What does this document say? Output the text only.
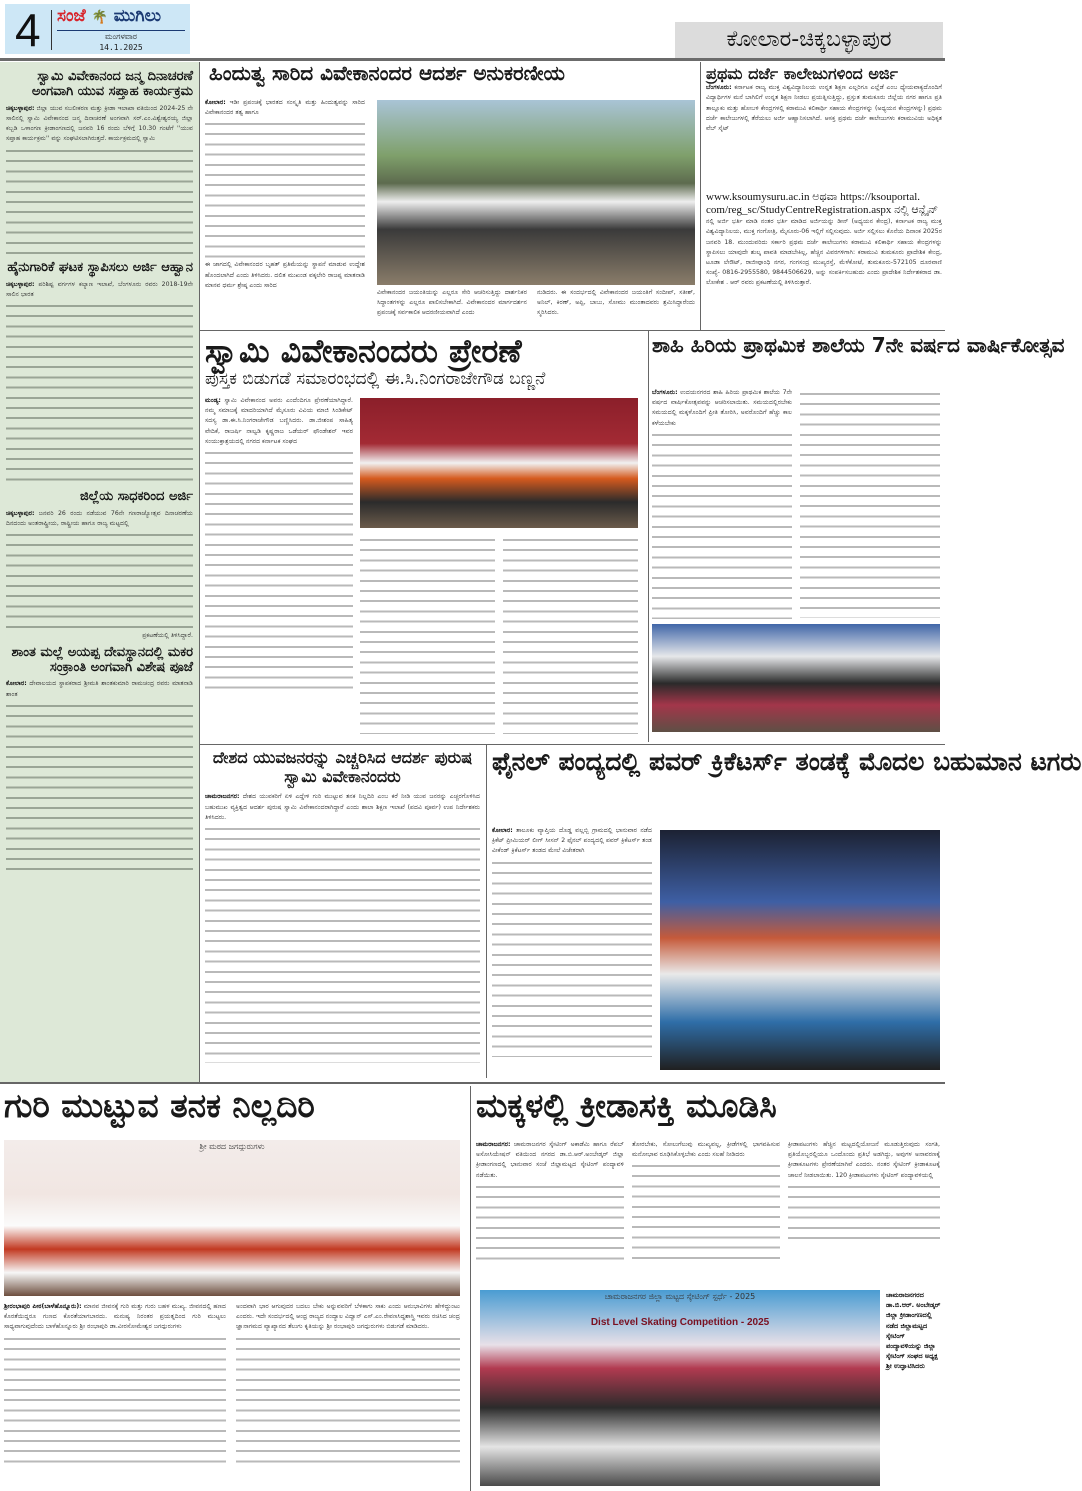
4 ಸಂಜೆ 🌴 ಮುಗಿಲು
ಮಂಗಳವಾರ
14.1.2025	ಕೋಲಾರ-ಚಿಕ್ಕಬಳ್ಳಾಪುರ
ಸ್ವಾಮಿ ವಿವೇಕಾನಂದ ಜನ್ಮ ದಿನಾಚರಣೆ ಅಂಗವಾಗಿ ಯುವ ಸಪ್ತಾಹ ಕಾರ್ಯಕ್ರಮ
ಚಿಕ್ಕಬಳ್ಳಾಪುರ: ಜಿಲ್ಲಾ ಯುವ ಸಬಲೀಕರಣ ಮತ್ತು ಕ್ರೀಡಾ ಇಲಾಖಾ ವತಿಯಿಂದ 2024-25 ನೇ ಸಾಲಿನಲ್ಲಿ ಸ್ವಾಮಿ ವಿವೇಕಾನಂದ ಜನ್ಮ ದಿನಾಚರಣೆ ಅಂಗವಾಗಿ ಸರ್.ಎಂ.ವಿಶ್ವೇಶ್ವರಯ್ಯ ಜಿಲ್ಲಾ ಕಬ್ಬಡಿ ಒಳಾಂಗಣ ಕ್ರೀಡಾಂಗಣದಲ್ಲಿ ಜನವರಿ 16 ರಂದು ಬೆಳಿಗ್ಗೆ 10.30 ಗಂಟೆಗೆ ''ಯುವ ಸಪ್ತಾಹ ಕಾರ್ಯಕ್ರಮ'' ವನ್ನು ಸಂಘಟಿಸಲಾಗಿರುತ್ತದೆ. ಕಾರ್ಯಕ್ರಮದಲ್ಲಿ ಸ್ವಾಮಿ
ಹೈನುಗಾರಿಕೆ ಘಟಕ ಸ್ಥಾಪಿಸಲು ಅರ್ಜಿ ಆಹ್ವಾನ
ಚಿಕ್ಕಬಳ್ಳಾಪುರ: ಪರಿಶಿಷ್ಟ ವರ್ಗಗಳ ಕಲ್ಯಾಣ ಇಲಾಖೆ, ಬೆಂಗಳೂರು ರವರು 2018-19ನೇ ಸಾಲಿನ ಭಾರತ
ಜಿಲ್ಲೆಯ ಸಾಧಕರಿಂದ ಅರ್ಜಿ
ಚಿಕ್ಕಬಳ್ಳಾಪುರ: ಜನವರಿ 26 ರಂದು ನಡೆಯುವ 76ನೇ ಗಣರಾಜ್ಯೋತ್ಸವ ದಿನಾಚರಣೆಯ ದಿನದಂದು ಅಂತರಾಷ್ಟ್ರೀಯ, ರಾಷ್ಟ್ರೀಯ ಹಾಗೂ ರಾಜ್ಯ ಮಟ್ಟದಲ್ಲಿ
ಪ್ರಕಟಣೆಯಲ್ಲಿ ತಿಳಿಸಿದ್ದಾರೆ.
ಶಾಂತ ಮಲ್ಲೆ ಅಯಪ್ಪ ದೇವಸ್ಥಾನದಲ್ಲಿ ಮಕರ ಸಂಕ್ರಾಂತಿ ಅಂಗವಾಗಿ ವಿಶೇಷ ಪೂಜೆ
ಕೋಲಾರ: ದೇವಾಲಯದ ಸ್ಥಾಪಕರಾದ ಶ್ರೀಮತಿ ಶಾಂತಕುಮಾರಿ ರಾಮಚಂದ್ರ ರವರು ಮಾತನಾಡಿ ಶಾಂತ
ಹಿಂದುತ್ವ ಸಾರಿದ ವಿವೇಕಾನಂದರ ಆದರ್ಶ ಅನುಕರಣೀಯ
ಕೋಲಾರ: ಇಡೀ ಪ್ರಪಂಚಕ್ಕೆ ಭಾರತದ ಸಂಸ್ಕೃತಿ ಮತ್ತು ಹಿಂದುತ್ವವನ್ನು ಸಾರಿದ ವಿವೇಕಾನಂದರ ತತ್ವ ಹಾಗೂ
ಈ ಜಾಗದಲ್ಲಿ ವಿವೇಕಾನಂದರ ಬೃಹತ್ ಪ್ರತಿಮೆಯನ್ನು ಸ್ಥಾಪನೆ ಮಾಡುವ ಉದ್ದೇಶ ಹೊಂದಲಾಗಿದೆ ಎಂದು ತಿಳಿಸಿದರು. ದಲಿತ ಮುಖಂಡ ವಕ್ಕಲೇರಿ ರಾಜಪ್ಪ ಮಾತನಾಡಿ ಮಾನವ ಧರ್ಮ ಶ್ರೇಷ್ಠ ಎಂದು ಸಾರಿದ
ವಿವೇಕಾನಂದರ ಜಯಂತಿಯನ್ನು ಎಲ್ಲರೂ ಸೇರಿ ಆಚರಿಸುತ್ತಿದ್ದು ದಾರ್ಶನಿಕರ ಸಿದ್ಧಾಂತಗಳನ್ನು ಎಲ್ಲರೂ ಪಾಲಿಸಬೇಕಾಗಿದೆ. ವಿವೇಕಾನಂದರ ಮಾರ್ಗದರ್ಶನ ಪ್ರಪಂಚಕ್ಕೆ ಸರ್ವಕಾಲಿಕ ಆದರಣೀಯವಾಗಿದೆ ಎಂದು
ನುಡಿದರು. ಈ ಸಂದರ್ಭದಲ್ಲಿ ವಿವೇಕಾನಂದರ ಜಯಂತಿಗೆ ಸಂದೀಪ್, ಸತೀಶ್, ಅನಿಲ್, ಕಿರಣ್, ಅಪ್ಪಿ, ಬಾಬು, ಸೋಮು ಮುಂತಾದವರು ಶ್ರಮಿಸಿದ್ದಾರೆಂದು ಸ್ಮರಿಸಿದರು.
ಪ್ರಥಮ ದರ್ಜೆ ಕಾಲೇಜುಗಳಿಂದ ಅರ್ಜಿ
ಬೆಂಗಳೂರು: ಕರ್ನಾಟಕ ರಾಜ್ಯ ಮುಕ್ತ ವಿಶ್ವವಿದ್ಯಾನಿಲಯ ಉನ್ನತ ಶಿಕ್ಷಣ ಎಲ್ಲರಿಗೂ ಎಲ್ಲೆಡೆ ಎಂಬ ಧ್ಯೇಯವಾಕ್ಯದೊಂದಿಗೆ ವಿದ್ಯಾರ್ಥಿಗಳ ಮನೆ ಬಾಗಿಲಿಗೆ ಉನ್ನತ ಶಿಕ್ಷಣ ನೀಡಲು ಪ್ರಯತ್ನಿಸುತ್ತಿದ್ದು, ಪ್ರಸ್ತುತ ತುಮಕೂರು ಜಿಲ್ಲೆಯ ನಗರ ಹಾಗೂ ಪ್ರತಿ ತಾಲ್ಲೂಕು ಮತ್ತು ಹೋಬಳಿ ಕೇಂದ್ರಗಳಲ್ಲಿ ಕರಾಮುವಿ ಕಲಿಕಾರ್ಥಿ ಸಹಾಯ ಕೇಂದ್ರಗಳನ್ನು (ಅಧ್ಯಯನ ಕೇಂದ್ರಗಳನ್ನು) ಪ್ರಥಮ ದರ್ಜೆ ಕಾಲೇಜುಗಳಲ್ಲಿ ತೆರೆಯಲು ಅರ್ಜಿ ಆಹ್ವಾನಿಸಲಾಗಿದೆ. ಆಸಕ್ತ ಪ್ರಥಮ ದರ್ಜೆ ಕಾಲೇಜುಗಳು ಕರಾಮುವಿಯ ಅಧಿಕೃತ ವೆಬ್ ಸೈಟ್
www.ksoumysuru.ac.in ಅಥವಾ https://ksouportal.
com/reg_sc/StudyCentreRegistration.aspx ನಲ್ಲಿ ಆನ್ಲೈನ್
ನಲ್ಲಿ ಅರ್ಜಿ ಭರ್ತಿ ಮಾಡಿ ನಂತರ ಭರ್ತಿ ಮಾಡಿದ ಅರ್ಜಿಯನ್ನು ಡೀನ್ (ಅಧ್ಯಯನ ಕೇಂದ್ರ), ಕರ್ನಾಟಕ ರಾಜ್ಯ ಮುಕ್ತ ವಿಶ್ವವಿದ್ಯಾನಿಲಯ, ಮುಕ್ತ ಗಂಗೋತ್ರಿ, ಮೈಸೂರು-06 ಇಲ್ಲಿಗೆ ಸಲ್ಲಿಸುವುದು. ಅರ್ಜಿ ಸಲ್ಲಿಸಲು ಕೊನೆಯ ದಿನಾಂಕ 2025ರ ಜನವರಿ 18. ಮುಂದುವರಿದು ಸರ್ಕಾರಿ ಪ್ರಥಮ ದರ್ಜೆ ಕಾಲೇಜುಗಳು ಕರಾಮುವಿ ಕಲಿಕಾರ್ಥಿ ಸಹಾಯ ಕೇಂದ್ರಗಳನ್ನು ಸ್ಥಾಪಿಸಲು ಯಾವುದೇ ಶುಲ್ಕ ಪಾವತಿ ಮಾಡಬೇಕಿಲ್ಲ, ಹೆಚ್ಚಿನ ವಿವರಗಳಿಗಾಗಿ: ಕರಾಮುವಿ ತುಮಕೂರು ಪ್ರಾದೇಶಿಕ ಕೇಂದ್ರ, ಟೂಡಾ ಲೇಔಟ್, ರಾಜೀವ್ಗಾಂಧಿ ನಗರ, ಗಂಗಸಂದ್ರ ಮುಖ್ಯರಸ್ತೆ, ಮೆಳೆಕೋಟೆ, ತುಮಕೂರು-572105 ದೂರವಾಣಿ ಸಂಖ್ಯೆ- 0816-2955580, 9844506629, ಅನ್ನು ಸಂಪರ್ಕಿಸಬಹುದು ಎಂದು ಪ್ರಾದೇಶಿಕ ನಿರ್ದೇಶಕರಾದ ಡಾ. ಲೋಕೇಶ . ಆರ್ ರವರು ಪ್ರಕಟಣೆಯಲ್ಲಿ ತಿಳಿಸಿರುತ್ತಾರೆ.
ಸ್ವಾಮಿ ವಿವೇಕಾನಂದರು ಪ್ರೇರಣೆ
ಪುಸ್ತಕ ಬಿಡುಗಡೆ ಸಮಾರಂಭದಲ್ಲಿ ಈ.ಸಿ.ನಿಂಗರಾಜೇಗೌಡ ಬಣ್ಣನೆ
ಮಂಡ್ಯ: ಸ್ವಾಮಿ ವಿವೇಕಾನಂದ ಅವರು ಎಂದೆಂದಿಗೂ ಪ್ರೇರಣೆಯಾಗಿದ್ದಾರೆ. ನಮ್ಮ ಸಮಾಜಕ್ಕೆ ಮಾದರಿಯಾಗಿದೆ ಮೈಸೂರು ವಿವಿಯ ಮಾಜಿ ಸಿಂಡಿಕೇಟ್ ಸದಸ್ಯ ಡಾ.ಈ.ಸಿ.ನಿಂಗರಾಜೇಗೌಡ ಬಣ್ಣಿಸಿದರು. ಡಾ.ಜೀಶಂಪ ಸಾಹಿತ್ಯ ವೇದಿಕೆ, ರಾಜರ್ಷಿ ನಾಲ್ವಡಿ ಕೃಷ್ಣರಾಜ ಒಡೆಯರ್ ಫೌಂಡೇಶನ್ ಇವರ ಸಂಯುಕ್ತಾಶ್ರಯದಲ್ಲಿ ನಗರದ ಕರ್ನಾಟಕ ಸಂಘದ
ಶಾಹಿ ಹಿರಿಯ ಪ್ರಾಥಮಿಕ ಶಾಲೆಯ 7ನೇ ವರ್ಷದ ವಾರ್ಷಿಕೋತ್ಸವ
ಬೆಂಗಳೂರು: ಉದಯನಗರದ ಶಾಹಿ ಹಿರಿಯ ಪ್ರಾಥಮಿಕ ಶಾಲೆಯ 7ನೇ ವರ್ಷದ ವಾರ್ಷಿಕೋತ್ಸವವನ್ನು ಆಚರಿಸಲಾಯಿತು. ಸಮಯದಲ್ಲಿರಬೇಕು ಸಮಯದಲ್ಲಿ ಮಕ್ಕಳೊಂದಿಗೆ ಪ್ರೀತಿ ತೋರಿಸಿ, ಅವರೊಂದಿಗೆ ಹೆಚ್ಚು ಕಾಲ ಕಳೆಯಬೇಕು
ದೇಶದ ಯುವಜನರನ್ನು ಎಚ್ಚರಿಸಿದ ಆದರ್ಶ ಪುರುಷ ಸ್ವಾಮಿ ವಿವೇಕಾನಂದರು
ಚಾಮರಾಜನಗರ: ದೇಶದ ಯುವಕರಿಗೆ ಏಳಿ ಎದ್ದೇಳಿ ಗುರಿ ಮುಟ್ಟುವ ತನಕ ನಿಲ್ಲದಿರಿ ಎಂಬ ಕರೆ ನೀಡಿ ಯುವ ಜನರನ್ನು ಎಚ್ಚರಗೊಳಿಸಿದ ಬಹುಮುಖ ವ್ಯಕ್ತಿತ್ವದ ಆದರ್ಶ ಪುರುಷ ಸ್ವಾಮಿ ವಿವೇಕಾನಂದರಾಗಿದ್ದಾರೆ ಎಂದು ಶಾಲಾ ಶಿಕ್ಷಣ ಇಲಾಖೆ (ಪದವಿ ಪೂರ್ವ) ಉಪ ನಿರ್ದೇಶಕರು ತಿಳಿಸಿದರು.
ಫೈನಲ್ ಪಂದ್ಯದಲ್ಲಿ ಪವರ್ ಕ್ರಿಕೆಟರ್ಸ್ ತಂಡಕ್ಕೆ ಮೊದಲ ಬಹುಮಾನ ಟಗರು
ಕೋಲಾರ: ತಾಲೂಕು ವ್ಯಾಪ್ತಿಯ ದೊಡ್ಡ ವಲ್ಲಬ್ಬಿ ಗ್ರಾಮದಲ್ಲಿ ಭಾನುವಾರ ನಡೆದ ಕ್ರಿಕೆಟ್ ಪ್ರೀಮಿಯರ್ ಲೀಗ್ ಸೀಸನ್ 2 ಫೈನಲ್ ಪಂದ್ಯದಲ್ಲಿ ಪವರ್ ಕ್ರಿಕೆಟರ್ಸ್ ತಂಡ ವೀಕೆಂಡ್ ಕ್ರಿಕೆಟರ್ಸ್ ತಂಡದ ಮೇಲೆ ವಿಜೇತರಾಗಿ
ಗುರಿ ಮುಟ್ಟುವ ತನಕ ನಿಲ್ಲದಿರಿ
ಶ್ರೀ ಮಠದ ಜಗದ್ಗುರುಗಳು
ಶ್ರೀರಂಭಾಪುರಿ ಪೀಠ(ಬಾಳೆಹೊನ್ನೂರು): ಮಾನವ ಜೀವನಕ್ಕೆ ಗುರಿ ಮತ್ತು ಗುರು ಬಹಳ ಮುಖ್ಯ. ಜೀವನದಲ್ಲಿ ಹಣದ ಕೊರತೆಯಿದ್ದರೂ ಗುಣದ ಕೊರತೆಯಾಗಬಾರದು. ಮನುಷ್ಯ ನಿರಂತರ ಪ್ರಯತ್ನದಿಂದ ಗುರಿ ಮುಟ್ಟಲು ಸಾಧ್ಯವಾಗುವುದೆಂದು ಬಾಳೆಹೊನ್ನೂರು ಶ್ರೀ ರಂಭಾಪುರಿ ಡಾ.ವೀರಸೋಮೇಶ್ವರ ಜಗದ್ಗುರುಗಳು
ಅಂದವಾಗಿ ಭಾರ ಆಗುವುದರ ಬದಲು ಬೇಕು ಅನ್ನುವವರಿಗೆ ಬೆಳಕಾಗು ಸಾಕು ಎಂದು ಆನುಭಾವಿಗಳು ಹೇಳಿದ್ದುಂಟು ಎಂದರು. ಇದೇ ಸಂದರ್ಭದಲ್ಲಿ ಆಂಧ್ರ ರಾಜ್ಯದ ನಂದ್ಯಾಲ ವಿದ್ವಾನ್ ಎಸ್.ಎಂ.ರೇವಣಸಿದ್ಧಶಾಸ್ತ್ರಿ ಇವರು ರಚಿಸಿದ ಚಂದ್ರ ಜ್ಞಾನಾಗಮದ ವ್ಯಾಖ್ಯಾನದ ತೆಲುಗು ಕೃತಿಯನ್ನು ಶ್ರೀ ರಂಭಾಪುರಿ ಜಗದ್ಗುರುಗಳು ಬಿಡುಗಡೆ ಮಾಡಿದರು.
ಮಕ್ಕಳಲ್ಲಿ ಕ್ರೀಡಾಸಕ್ತಿ ಮೂಡಿಸಿ
ಚಾಮರಾಜನಗರ: ಚಾಮರಾಜನಗರ ಸ್ಕೇಟಿಂಗ್ ಅಕಾಡೆಮಿ ಹಾಗೂ ರೆಪಬ್ ಅಸೋಸಿಯೇಷನ್ ವತಿಯಿಂದ ನಗರದ ಡಾ.ಬಿ.ಆರ್.ಅಂಬೇಡ್ಕರ್ ಜಿಲ್ಲಾ ಕ್ರೀಡಾಂಗಣದಲ್ಲಿ ಭಾನುವಾರ ಸಂಜೆ ಜಿಲ್ಲಾಮಟ್ಟದ ಸ್ಕೇಟಿಂಗ್ ಪಂದ್ಯಾವಳಿ ನಡೆಯಿತು.
ತೋರಬೇಕು, ಸೋಲುಗೆಲುವು ಮುಖ್ಯವಲ್ಲ, ಕ್ರೀಡೆಗಳಲ್ಲಿ ಭಾಗವಹಿಸುವ ಮನೋಭಾವ ರೂಢಿಸಿಕೊಳ್ಳಬೇಕು ಎಂದು ಸಲಹೆ ನೀಡಿದರು
ಕ್ರೀಡಾಪಟುಗಳು ಹೆಚ್ಚಿನ ಮಟ್ಟದಲ್ಲಿಯೋಜನೆ ಮೂಡುತ್ತಿರುವುದು ಸಂಗತಿ, ಪ್ರತಿಯೊಬ್ಬರಲ್ಲಿಯೂ ಒಂದೊಂದು ಪ್ರತಿಭೆ ಅಡಗಿದ್ದು, ಅವುಗಳ ಅನಾವರಣಕ್ಕೆ ಕ್ರೀಡಾಕೂಟಗಳು ಪ್ರೇರಣೆಯಾಗಿವೆ ಎಂದರು. ನಂತರ ಸ್ಕೇಟಿಂಗ್ ಕ್ರೀಡಾಕೂಟಕ್ಕೆ ಚಾಲನೆ ನೀಡಲಾಯಿತು. 120 ಕ್ರೀಡಾಪಟುಗಳು ಸ್ಕೇಟಿಂಗ್ ಪಂದ್ಯಾವಳಿಯಲ್ಲಿ
ಚಾಮರಾಜನಗರ ಜಿಲ್ಲಾ ಮಟ್ಟದ ಸ್ಕೇಟಿಂಗ್ ಸ್ಪರ್ಧೆ - 2025
Dist Level Skating Competition - 2025
ಚಾಮರಾಜನಗರದ ಡಾ.ಬಿ.ಆರ್. ಅಂಬೇಡ್ಕರ್ ಜಿಲ್ಲಾ ಕ್ರೀಡಾಂಗಣದಲ್ಲಿ ನಡೆದ ಜಿಲ್ಲಾಮಟ್ಟದ ಸ್ಕೇಟಿಂಗ್ ಪಂದ್ಯಾವಳಿಯನ್ನು ಜಿಲ್ಲಾ ಸ್ಕೇಟಿಂಗ್ ಸಂಘದ ಅಧ್ಯಕ್ಷ ಶ್ರೀ ಉದ್ಘಾಟಿಸಿದರು
